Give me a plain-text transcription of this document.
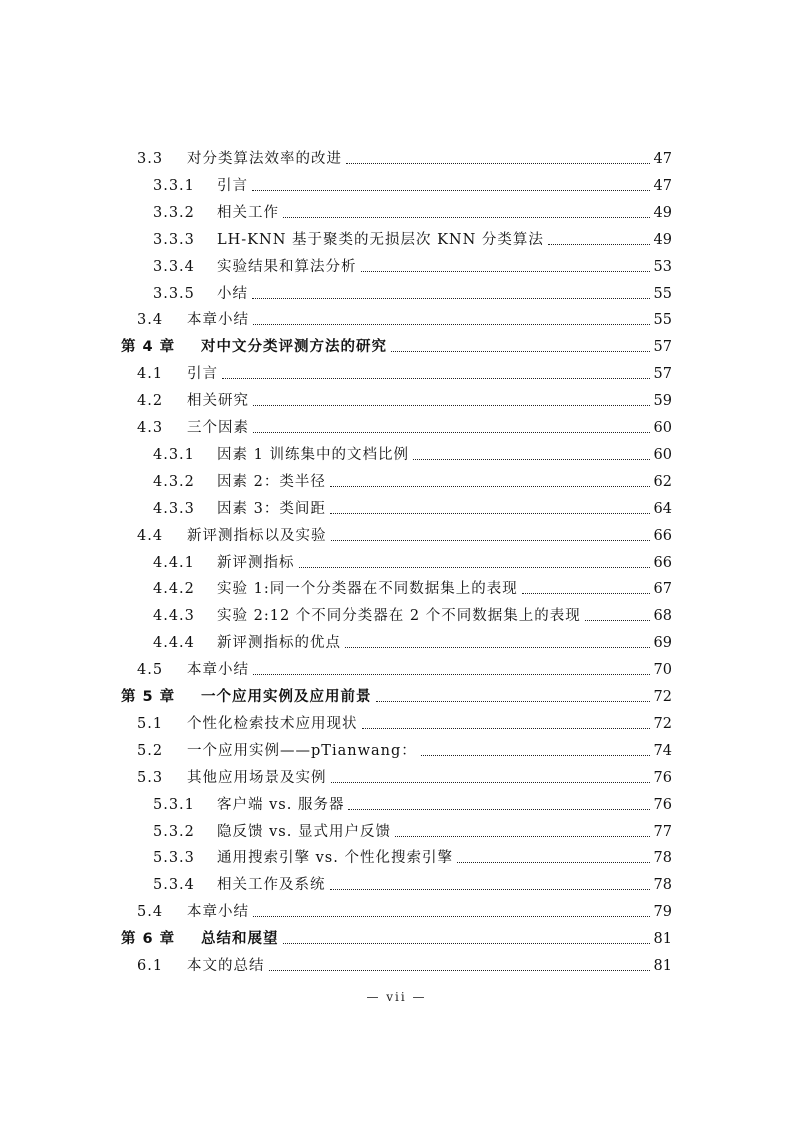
3.3	对分类算法效率的改进	47
3.3.1	引言	47
3.3.2	相关工作	49
3.3.3	LH-KNN 基于聚类的无损层次 KNN 分类算法	49
3.3.4	实验结果和算法分析	53
3.3.5	小结	55
3.4	本章小结	55
第 4 章	对中文分类评测方法的研究	57
4.1	引言	57
4.2	相关研究	59
4.3	三个因素	60
4.3.1	因素 1 训练集中的文档比例	60
4.3.2	因素 2：类半径	62
4.3.3	因素 3：类间距	64
4.4	新评测指标以及实验	66
4.4.1	新评测指标	66
4.4.2	实验 1:同一个分类器在不同数据集上的表现	67
4.4.3	实验 2:12 个不同分类器在 2 个不同数据集上的表现	68
4.4.4	新评测指标的优点	69
4.5	本章小结	70
第 5 章	一个应用实例及应用前景	72
5.1	个性化检索技术应用现状	72
5.2	一个应用实例——pTianwang：	74
5.3	其他应用场景及实例	76
5.3.1	客户端 vs. 服务器	76
5.3.2	隐反馈 vs. 显式用户反馈	77
5.3.3	通用搜索引擎 vs. 个性化搜索引擎	78
5.3.4	相关工作及系统	78
5.4	本章小结	79
第 6 章	总结和展望	81
6.1	本文的总结	81
— vii —
